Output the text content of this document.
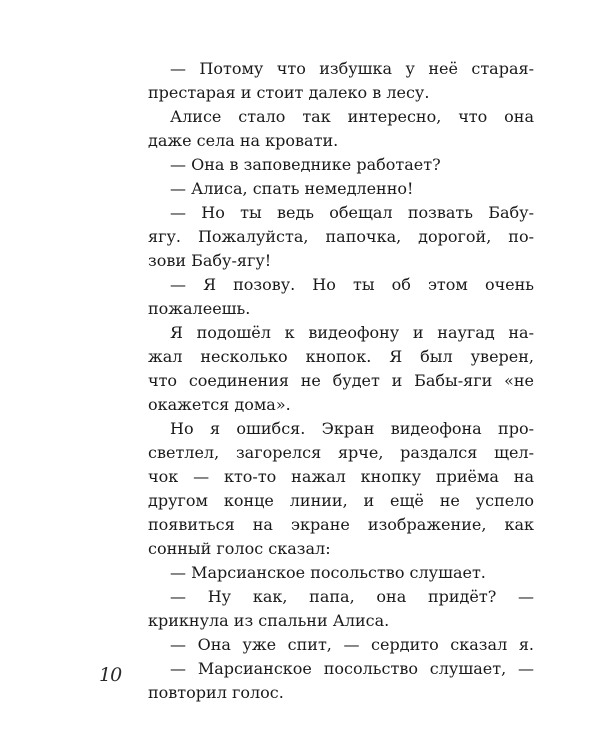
— Потому что избушка у неё старая-
престарая и стоит далеко в лесу.
Алисе стало так интересно, что она
даже села на кровати.
— Она в заповеднике работает?
— Алиса, спать немедленно!
— Но ты ведь обещал позвать Бабу-
ягу. Пожалуйста, папочка, дорогой, по-
зови Бабу-ягу!
— Я позову. Но ты об этом очень
пожалеешь.
Я подошёл к видеофону и наугад на-
жал несколько кнопок. Я был уверен,
что соединения не будет и Бабы-яги «не
окажется дома».
Но я ошибся. Экран видеофона про-
светлел, загорелся ярче, раздался щел-
чок — кто-то нажал кнопку приёма на
другом конце линии, и ещё не успело
появиться на экране изображение, как
сонный голос сказал:
— Марсианское посольство слушает.
— Ну как, папа, она придёт? —
крикнула из спальни Алиса.
— Она уже спит, — сердито сказал я.
— Марсианское посольство слушает, —
повторил голос.
10
